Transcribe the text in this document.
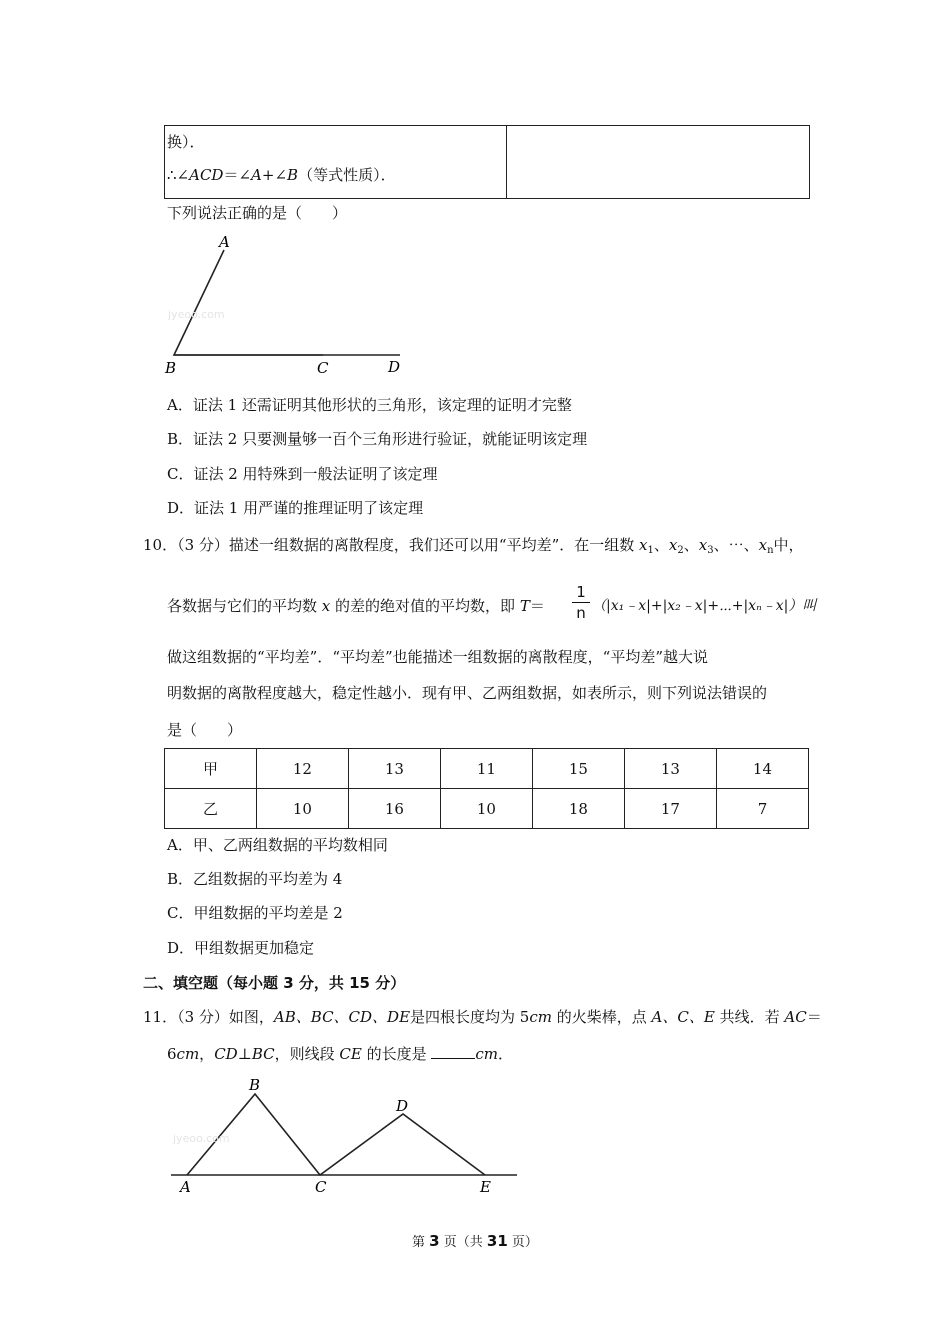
换）．
∴∠ACD＝∠A+∠B（等式性质）．
下列说法正确的是（　　）
jyeoo.com
A
B	C	D
A．证法 1 还需证明其他形状的三角形，该定理的证明才完整
B．证法 2 只要测量够一百个三角形进行验证，就能证明该定理
C．证法 2 用特殊到一般法证明了该定理
D．证法 1 用严谨的推理证明了该定理
10．（3 分）描述一组数据的离散程度，我们还可以用“平均差”．在一组数 $x_1$、$x_2$、$x_3$、⋯、$x_n$中，
各数据与它们的平均数 x 的差的绝对值的平均数，即 T＝
1
n （|x₁﹣x|+|x₂﹣x|+⋯+|xₙ﹣x|）叫
做这组数据的“平均差”．“平均差”也能描述一组数据的离散程度，“平均差”越大说
明数据的离散程度越大，稳定性越小．现有甲、乙两组数据，如表所示，则下列说法错误的
是（　　）
甲	12	13	11	15	13	14
乙	10	16	10	18	17	7
A．甲、乙两组数据的平均数相同
B．乙组数据的平均差为 4
C．甲组数据的平均差是 2
D．甲组数据更加稳定
二、填空题（每小题 3 分，共 15 分）
11．（3 分）如图，AB、BC、CD、DE是四根长度均为 5cm 的火柴棒，点 A、C、E 共线．若 AC＝
6cm，CD⊥BC，则线段 CE 的长度是	cm．
jyeoo.com
B
D
A	C	E
第 3 页（共 31 页）
